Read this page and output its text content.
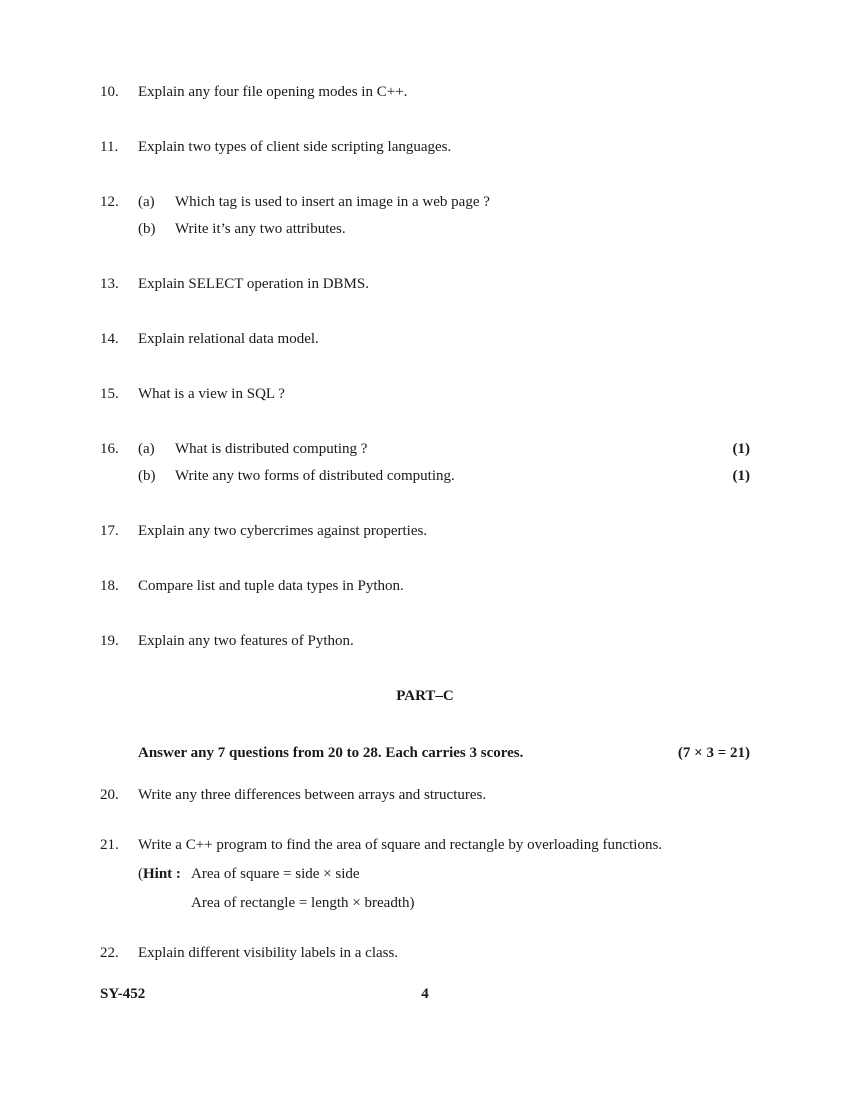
10. Explain any four file opening modes in C++.
11. Explain two types of client side scripting languages.
12. (a) Which tag is used to insert an image in a web page ?
(b) Write it’s any two attributes.
13. Explain SELECT operation in DBMS.
14. Explain relational data model.
15. What is a view in SQL ?
16. (a) What is distributed computing ?	(1)
(b) Write any two forms of distributed computing.	(1)
17. Explain any two cybercrimes against properties.
18. Compare list and tuple data types in Python.
19. Explain any two features of Python.
PART–C
Answer any 7 questions from 20 to 28. Each carries 3 scores.	(7 × 3 = 21)
20. Write any three differences between arrays and structures.
21. Write a C++ program to find the area of square and rectangle by overloading functions.
(Hint : Area of square = side × side
Area of rectangle = length × breadth)
22. Explain different visibility labels in a class.
SY-452	4
